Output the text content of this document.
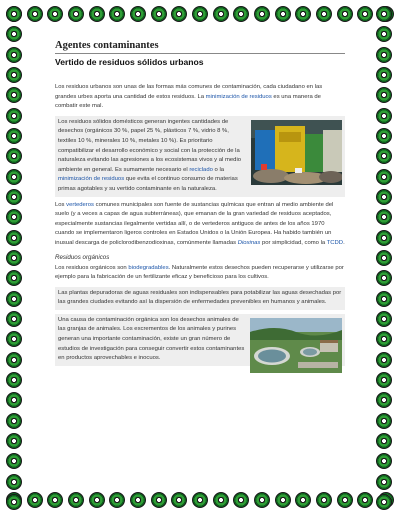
Agentes contaminantes
Vertido de residuos sólidos urbanos

Los residuos urbanos son unas de las formas más comunes de contaminación, cada ciudadano en las grandes urbes aporta una cantidad de estos residuos. La minimización de residuos es una manera de combatir este mal.

Los residuos sólidos domésticos generan ingentes cantidades de desechos (orgánicos 30 %, papel 25 %, plásticos 7 %, vidrio 8 %, textiles 10 %, minerales 10 %, metales 10 %). Es prioritario compatibilizar el desarrollo económico y social con la protección de la naturaleza evitando las agresiones a los ecosistemas vivos y al medio ambiente en general. Es sumamente necesario el reciclado o la minimización de residuos que evita el continuo consumo de materias primas agotables y su vertido contaminante en la naturaleza.

Los vertederos comunes municipales son fuente de sustancias químicas que entran al medio ambiente del suelo (y a veces a capas de agua subterráneas), que emanan de la gran variedad de residuos aceptados, especialmente sustancias ilegalmente vertidas allí, o de vertederos antiguos de antes de los años 1970 cuando se implementaron ligeros controles en Estados Unidos o la Unión Europea. Ha habido también un inusual descarga de policlorodibenzodioxinas, comúnmente llamadas Dioxinas por simplicidad, como la TCDD.

Residuos orgánicos

Los residuos orgánicos son biodegradables. Naturalmente estos desechos pueden recuperarse y utilizarse por ejemplo para la fabricación de un fertilizante eficaz y beneficioso para los cultivos.

Las plantas depuradoras de aguas residuales son indispensables para potabilizar las aguas desechadas por las grandes ciudades evitando así la dispersión de enfermedades prevenibles en humanos y animales.

Una causa de contaminación orgánica son los desechos animales de las granjas de animales. Los excrementos de los animales y purines generan una importante contaminación, existe un gran número de estudios de investigación para conseguir convertir estos contaminantes en productos aprovechables e inocuos.
